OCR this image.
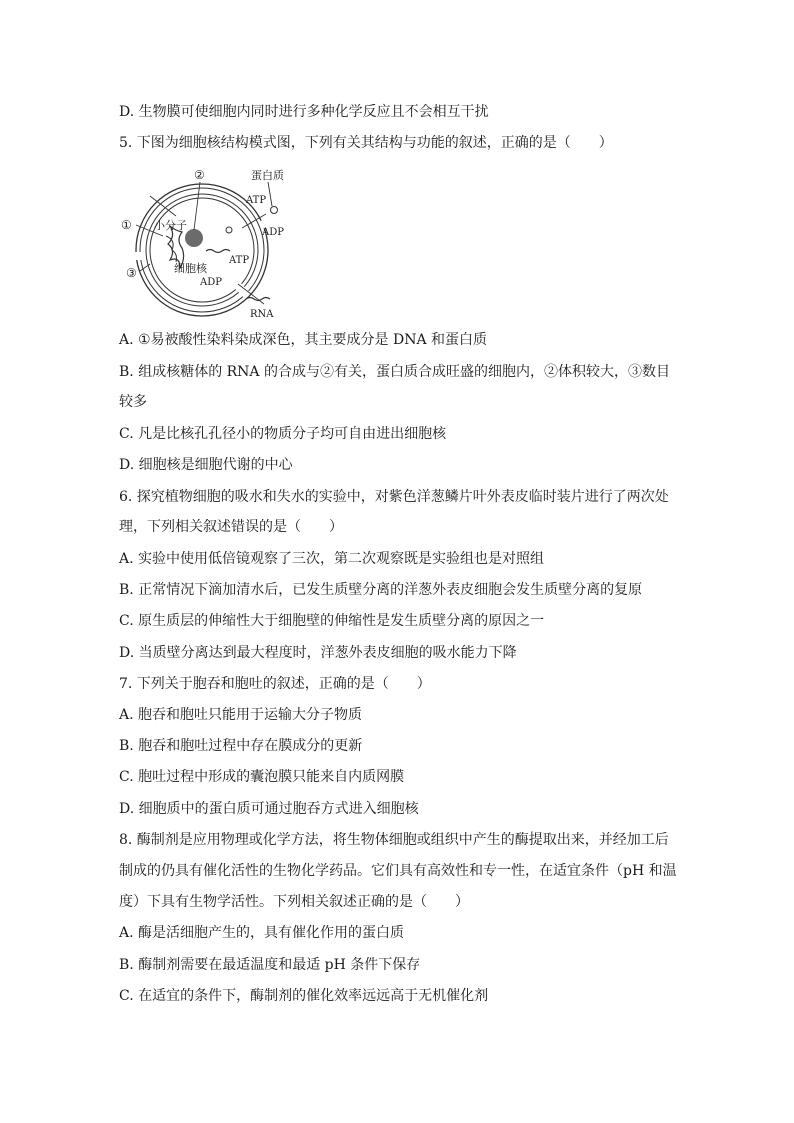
D. 生物膜可使细胞内同时进行多种化学反应且不会相互干扰
5. 下图为细胞核结构模式图，下列有关其结构与功能的叙述，正确的是（　　）
②	蛋白质
ATP
① 小分子
ADP
ATP
细胞核
③
ADP
RNA
A. ①易被酸性染料染成深色，其主要成分是 DNA 和蛋白质
B. 组成核糖体的 RNA 的合成与②有关，蛋白质合成旺盛的细胞内，②体积较大，③数目
较多
C. 凡是比核孔孔径小的物质分子均可自由进出细胞核
D. 细胞核是细胞代谢的中心
6. 探究植物细胞的吸水和失水的实验中，对紫色洋葱鳞片叶外表皮临时装片进行了两次处
理，下列相关叙述错误的是（　　）
A. 实验中使用低倍镜观察了三次，第二次观察既是实验组也是对照组
B. 正常情况下滴加清水后，已发生质壁分离的洋葱外表皮细胞会发生质壁分离的复原
C. 原生质层的伸缩性大于细胞壁的伸缩性是发生质壁分离的原因之一
D. 当质壁分离达到最大程度时，洋葱外表皮细胞的吸水能力下降
7. 下列关于胞吞和胞吐的叙述，正确的是（　　）
A. 胞吞和胞吐只能用于运输大分子物质
B. 胞吞和胞吐过程中存在膜成分的更新
C. 胞吐过程中形成的囊泡膜只能来自内质网膜
D. 细胞质中的蛋白质可通过胞吞方式进入细胞核
8. 酶制剂是应用物理或化学方法，将生物体细胞或组织中产生的酶提取出来，并经加工后
制成的仍具有催化活性的生物化学药品。它们具有高效性和专一性，在适宜条件（pH 和温
度）下具有生物学活性。下列相关叙述正确的是（　　）
A. 酶是活细胞产生的，具有催化作用的蛋白质
B. 酶制剂需要在最适温度和最适 pH 条件下保存
C. 在适宜的条件下，酶制剂的催化效率远远高于无机催化剂
